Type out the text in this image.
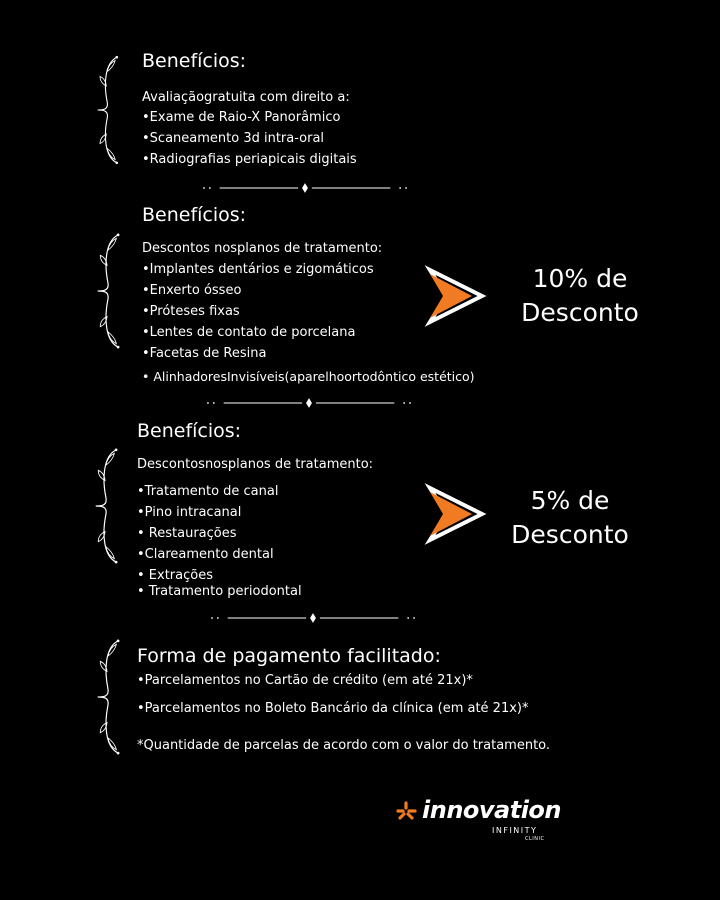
Benefícios:
Avaliaçãogratuita com direito a:
•Exame de Raio-X Panorâmico
•Scaneamento 3d intra-oral
•Radiografias periapicais digitais
Benefícios:
Descontos nosplanos de tratamento:
•Implantes dentários e zigomáticos
•Enxerto ósseo
•Próteses fixas
•Lentes de contato de porcelana
•Facetas de Resina
• AlinhadoresInvisíveis(aparelhoortodôntico estético)
10% de
Desconto
Benefícios:
Descontosnosplanos de tratamento:
•Tratamento de canal
•Pino intracanal
• Restaurações
•Clareamento dental
• Extrações
• Tratamento periodontal
5% de
Desconto
Forma de pagamento facilitado:
•Parcelamentos no Cartão de crédito (em até 21x)*
•Parcelamentos no Boleto Bancário da clínica (em até 21x)*
*Quantidade de parcelas de acordo com o valor do tratamento.
innovation
INFINITY
CLINIC
